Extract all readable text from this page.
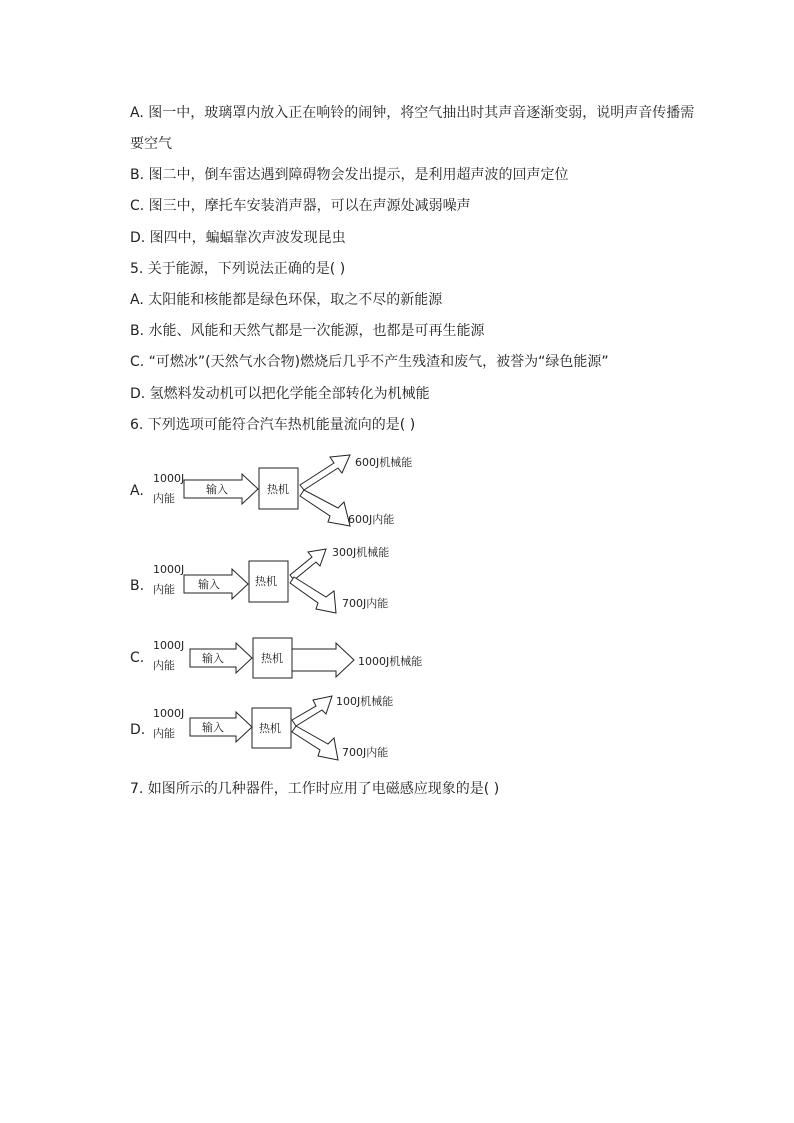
A. 图一中，玻璃罩内放入正在响铃的闹钟，将空气抽出时其声音逐渐变弱，说明声音传播需
要空气
B. 图二中，倒车雷达遇到障碍物会发出提示，是利用超声波的回声定位
C. 图三中，摩托车安装消声器，可以在声源处减弱噪声
D. 图四中，蝙蝠靠次声波发现昆虫
5. 关于能源，下列说法正确的是( )
A. 太阳能和核能都是绿色环保，取之不尽的新能源
B. 水能、风能和天然气都是一次能源，也都是可再生能源
C. “可燃冰”(天然气水合物)燃烧后几乎不产生残渣和废气，被誉为“绿色能源”
D. 氢燃料发动机可以把化学能全部转化为机械能
6. 下列选项可能符合汽车热机能量流向的是( )
A.
1000J
内能
输入	热机
600J机械能
600J内能
B.
1000J
内能 输入	热机
300J机械能
700J内能
C.
1000J
内能
输入	热机	1000J机械能
D.
1000J
内能 输入	热机
100J机械能
700J内能
7. 如图所示的几种器件，工作时应用了电磁感应现象的是( )
